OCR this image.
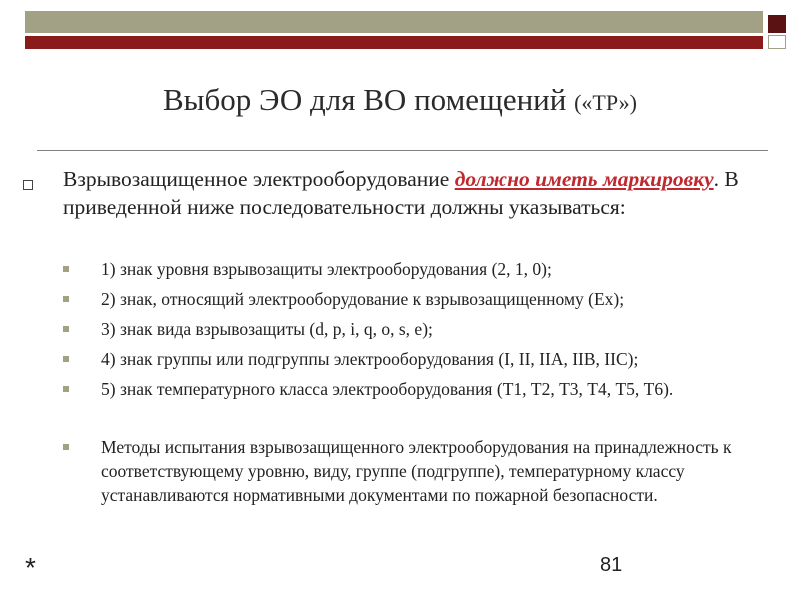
Выбор ЭО для ВО помещений («ТР»)
Взрывозащищенное электрооборудование должно иметь маркировку. В приведенной ниже последовательности должны указываться:
1) знак уровня взрывозащиты электрооборудования (2, 1, 0);
2) знак, относящий электрооборудование к взрывозащищенному (Ex);
3) знак вида взрывозащиты (d, p, i, q, o, s, e);
4) знак группы или подгруппы электрооборудования (I, II, IIA, IIB, IIC);
5) знак температурного класса электрооборудования (Т1, Т2, Т3, Т4, Т5, Т6).
Методы испытания взрывозащищенного электрооборудования на принадлежность к соответствующему уровню, виду, группе (подгруппе), температурному классу устанавливаются нормативными документами по пожарной безопасности.
*	81
